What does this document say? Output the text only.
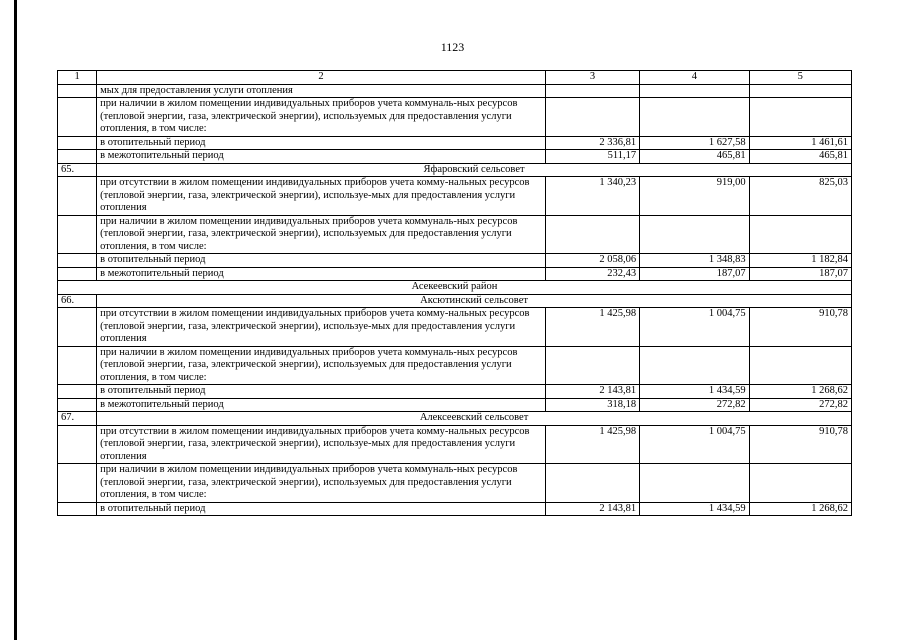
1123
1	2	3	4	5
	мых для предоставления услуги отопления			
	при наличии в жилом помещении индивидуальных приборов учета коммуналь-ных ресурсов (тепловой энергии, газа, электрической энергии), используемых для предоставления услуги отопления, в том числе:			
	в отопительный период	2 336,81	1 627,58	1 461,61
	в межотопительный период	511,17	465,81	465,81
65.	Яфаровский сельсовет			
	при отсутствии в жилом помещении индивидуальных приборов учета комму-нальных ресурсов (тепловой энергии, газа, электрической энергии), используе-мых для предоставления услуги отопления	1 340,23	919,00	825,03
	при наличии в жилом помещении индивидуальных приборов учета коммуналь-ных ресурсов (тепловой энергии, газа, электрической энергии), используемых для предоставления услуги отопления, в том числе:			
	в отопительный период	2 058,06	1 348,83	1 182,84
	в межотопительный период	232,43	187,07	187,07
Асекеевский район				
66.	Аксютинский сельсовет			
	при отсутствии в жилом помещении индивидуальных приборов учета комму-нальных ресурсов (тепловой энергии, газа, электрической энергии), используе-мых для предоставления услуги отопления	1 425,98	1 004,75	910,78
	при наличии в жилом помещении индивидуальных приборов учета коммуналь-ных ресурсов (тепловой энергии, газа, электрической энергии), используемых для предоставления услуги отопления, в том числе:			
	в отопительный период	2 143,81	1 434,59	1 268,62
	в межотопительный период	318,18	272,82	272,82
67.	Алексеевский сельсовет			
	при отсутствии в жилом помещении индивидуальных приборов учета комму-нальных ресурсов (тепловой энергии, газа, электрической энергии), используе-мых для предоставления услуги отопления	1 425,98	1 004,75	910,78
	при наличии в жилом помещении индивидуальных приборов учета коммуналь-ных ресурсов (тепловой энергии, газа, электрической энергии), используемых для предоставления услуги отопления, в том числе:			
	в отопительный период	2 143,81	1 434,59	1 268,62
